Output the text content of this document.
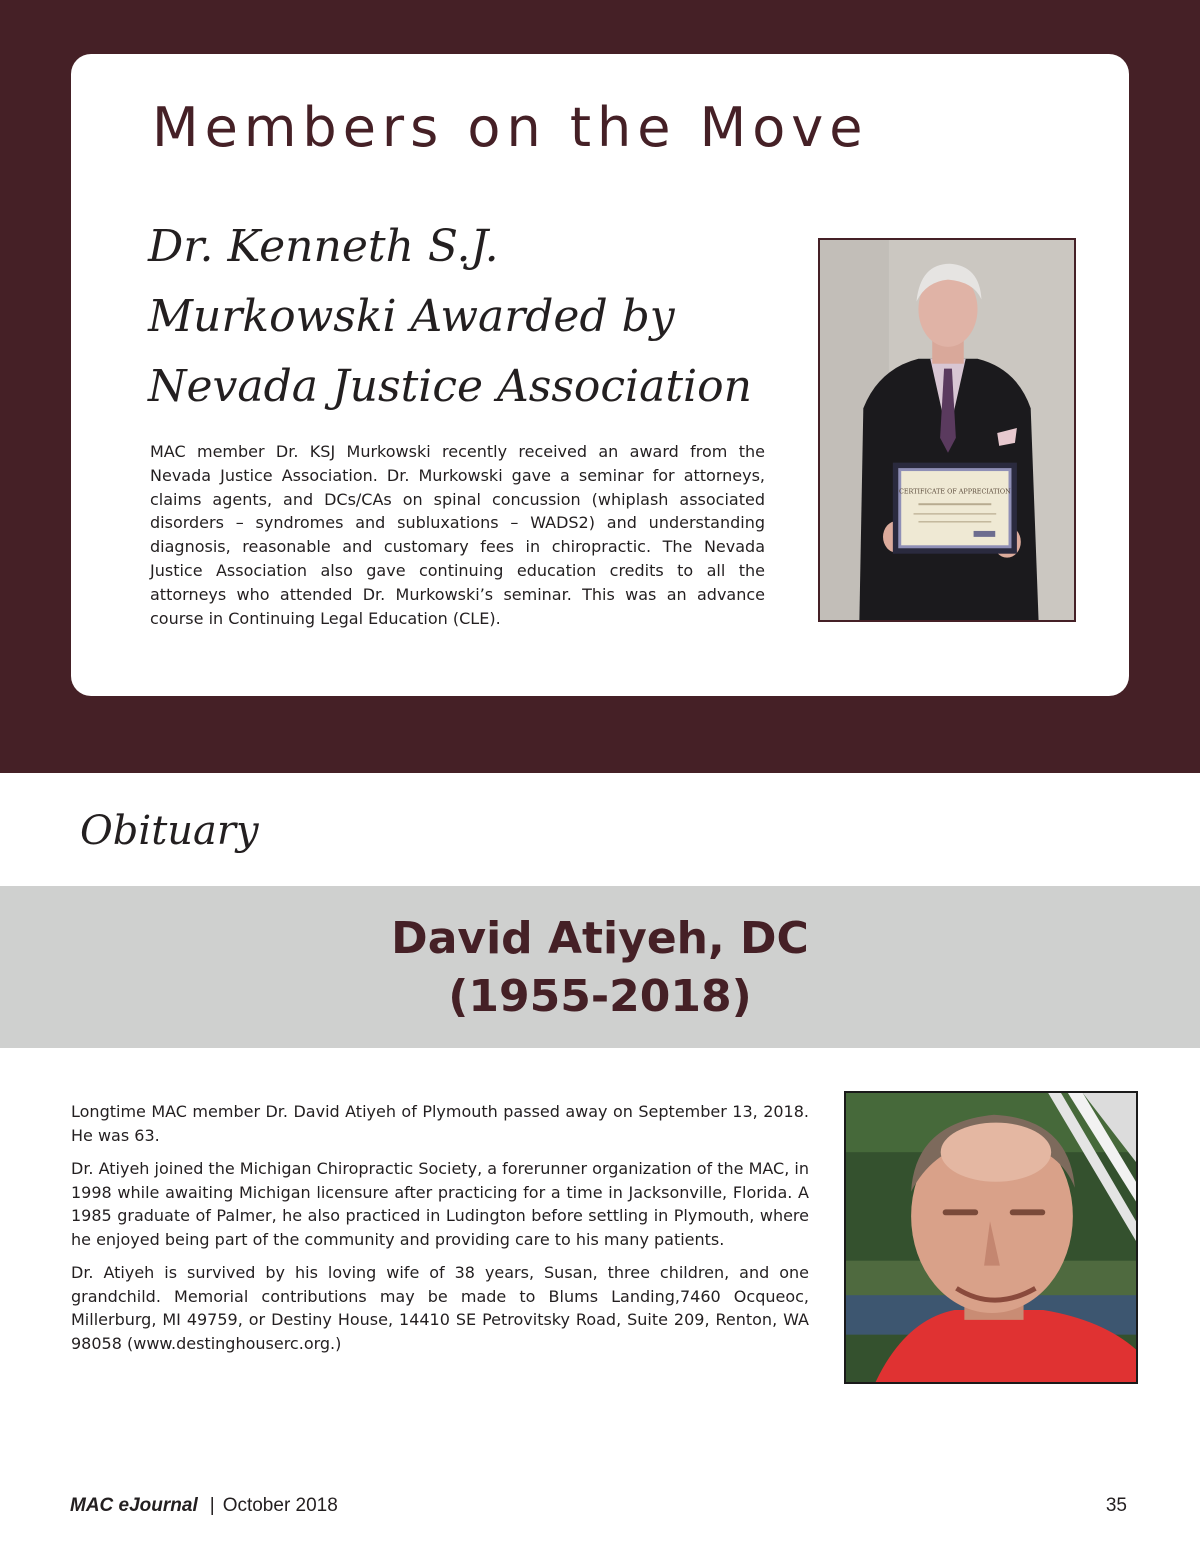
Members on the Move
Dr. Kenneth S.J.
Murkowski Awarded by
Nevada Justice Association

MAC member Dr. KSJ Murkowski recently received an award from the Nevada Justice Association. Dr. Murkowski gave a seminar for attorneys, claims agents, and DCs/CAs on spinal concussion (whiplash associated disorders – syndromes and subluxations – WADS2) and understanding diagnosis, reasonable and customary fees in chiropractic. The Nevada Justice Association also gave continuing education credits to all the attorneys who attended Dr. Murkowski’s seminar. This was an advance course in Continuing Legal Education (CLE).

CERTIFICATE OF APPRECIATION
Obituary
David Atiyeh, DC
(1955-2018)

Longtime MAC member Dr. David Atiyeh of Plymouth passed away on September 13, 2018. He was 63.

Dr. Atiyeh joined the Michigan Chiropractic Society, a forerunner organization of the MAC, in 1998 while awaiting Michigan licensure after practicing for a time in Jacksonville, Florida. A 1985 graduate of Palmer, he also practiced in Ludington before settling in Plymouth, where he enjoyed being part of the community and providing care to his many patients.

Dr. Atiyeh is survived by his loving wife of 38 years, Susan, three children, and one grandchild. Memorial contributions may be made to Blums Landing,7460 Ocqueoc, Millerburg, MI 49759, or Destiny House, 14410 SE Petrovitsky Road, Suite 209, Renton, WA 98058 (www.destinghouserc.org.)

MAC eJournal | October 2018	35
